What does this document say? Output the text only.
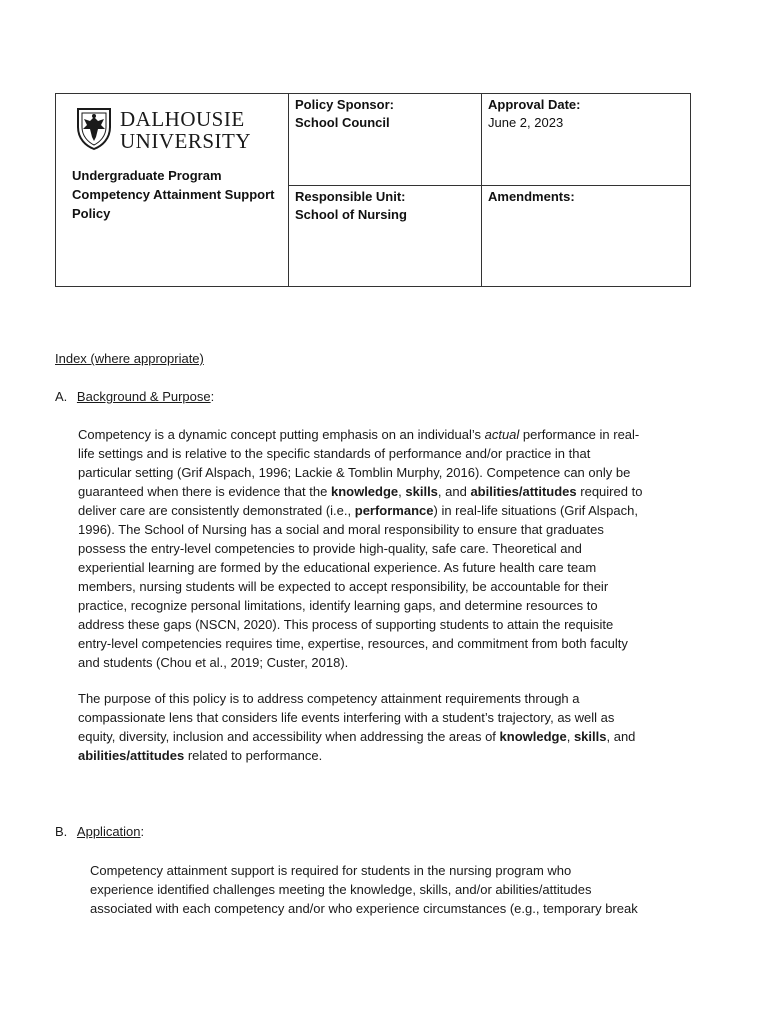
DALHOUSIE
UNIVERSITY
Undergraduate Program
Competency Attainment Support
Policy
Policy Sponsor:
School Council
Approval Date:
June 2, 2023
Responsible Unit:
School of Nursing
Amendments:
Index (where appropriate)
A. Background & Purpose:
Competency is a dynamic concept putting emphasis on an individual’s actual performance in real-
life settings and is relative to the specific standards of performance and/or practice in that
particular setting (Grif Alspach, 1996; Lackie & Tomblin Murphy, 2016). Competence can only be
guaranteed when there is evidence that the knowledge, skills, and abilities/attitudes required to
deliver care are consistently demonstrated (i.e., performance) in real-life situations (Grif Alspach,
1996). The School of Nursing has a social and moral responsibility to ensure that graduates
possess the entry-level competencies to provide high-quality, safe care. Theoretical and
experiential learning are formed by the educational experience. As future health care team
members, nursing students will be expected to accept responsibility, be accountable for their
practice, recognize personal limitations, identify learning gaps, and determine resources to
address these gaps (NSCN, 2020). This process of supporting students to attain the requisite
entry-level competencies requires time, expertise, resources, and commitment from both faculty
and students (Chou et al., 2019; Custer, 2018).
The purpose of this policy is to address competency attainment requirements through a
compassionate lens that considers life events interfering with a student’s trajectory, as well as
equity, diversity, inclusion and accessibility when addressing the areas of knowledge, skills, and
abilities/attitudes related to performance.
B. Application:
Competency attainment support is required for students in the nursing program who
experience identified challenges meeting the knowledge, skills, and/or abilities/attitudes
associated with each competency and/or who experience circumstances (e.g., temporary break
